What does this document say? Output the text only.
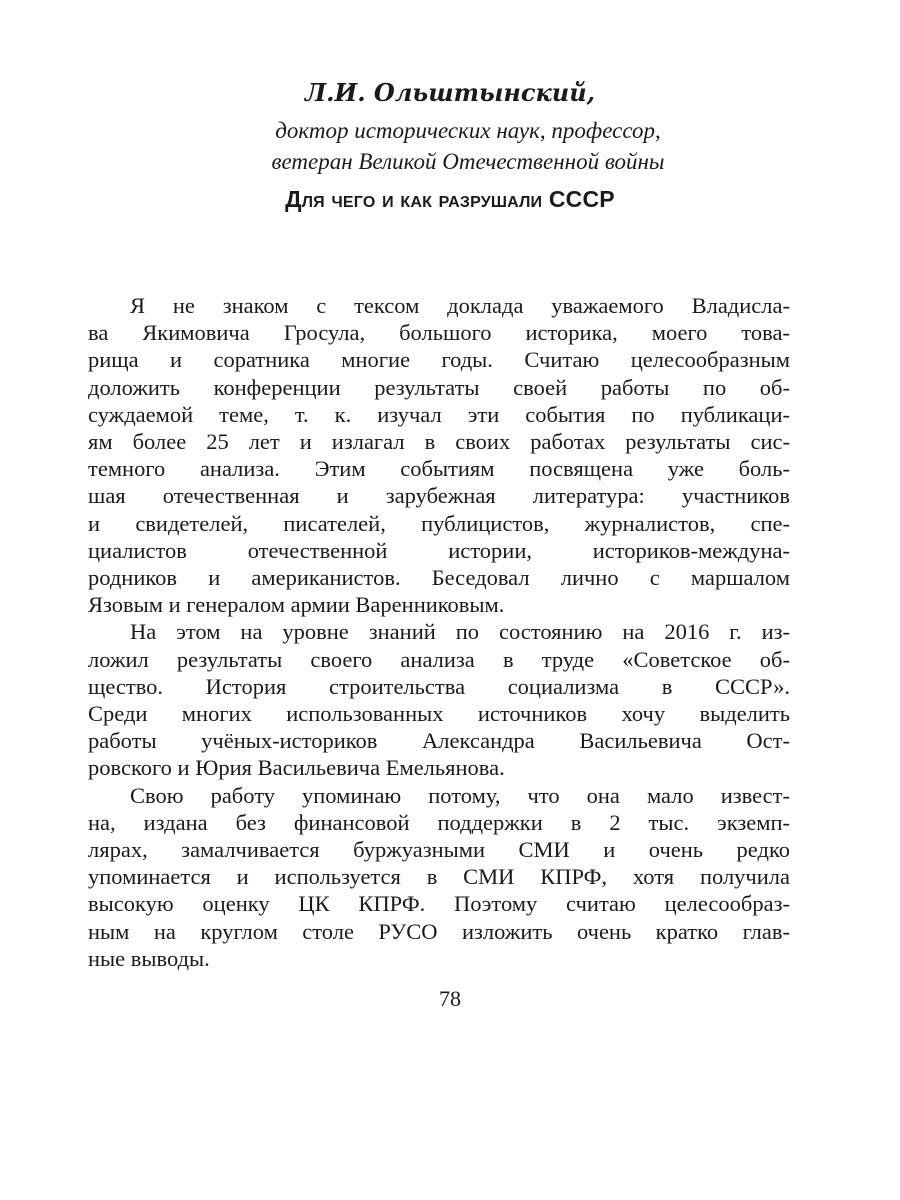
Л.И. Ольштынский,
доктор исторических наук, профессор,
ветеран Великой Отечественной войны
Для чего и как разрушали СССР

Я не знаком с тексом доклада уважаемого Владисла-
ва Якимовича Гросула, большого историка, моего това-
рища и соратника многие годы. Считаю целесообразным
доложить конференции результаты своей работы по об-
суждаемой теме, т. к. изучал эти события по публикаци-
ям более 25 лет и излагал в своих работах результаты сис-
темного анализа. Этим событиям посвящена уже боль-
шая отечественная и зарубежная литература: участников
и свидетелей, писателей, публицистов, журналистов, спе-
циалистов отечественной истории, историков-междуна-
родников и американистов. Беседовал лично с маршалом
Язовым и генералом армии Варенниковым.

На этом на уровне знаний по состоянию на 2016 г. из-
ложил результаты своего анализа в труде «Советское об-
щество. История строительства социализма в СССР».
Среди многих использованных источников хочу выделить
работы учёных-историков Александра Васильевича Ост-
ровского и Юрия Васильевича Емельянова.

Свою работу упоминаю потому, что она мало извест-
на, издана без финансовой поддержки в 2 тыс. экземп-
лярах, замалчивается буржуазными СМИ и очень редко
упоминается и используется в СМИ КПРФ, хотя получила
высокую оценку ЦК КПРФ. Поэтому считаю целесообраз-
ным на круглом столе РУСО изложить очень кратко глав-
ные выводы.

78
